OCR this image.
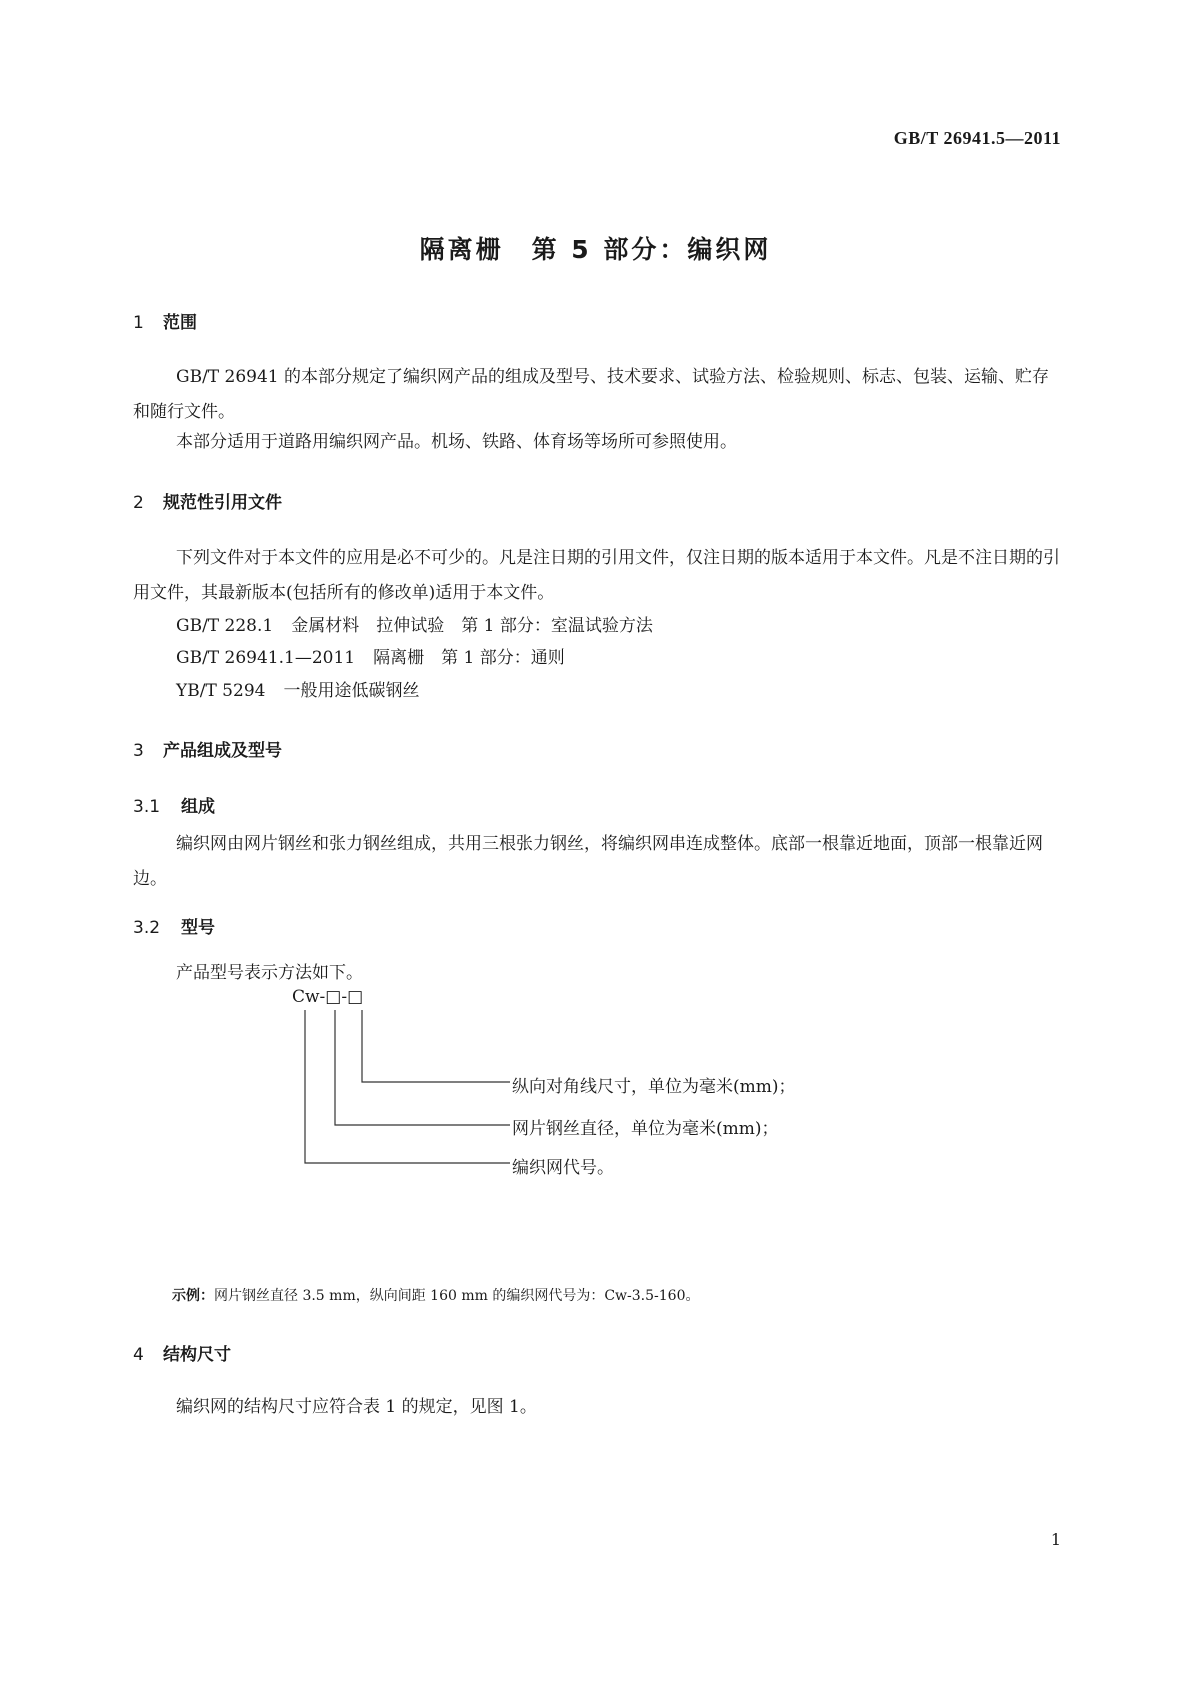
GB/T 26941.5—2011
隔离栅　第 5 部分：编织网
1 范围
GB/T 26941 的本部分规定了编织网产品的组成及型号、技术要求、试验方法、检验规则、标志、包装、运输、贮存和随行文件。
本部分适用于道路用编织网产品。机场、铁路、体育场等场所可参照使用。
2 规范性引用文件
下列文件对于本文件的应用是必不可少的。凡是注日期的引用文件，仅注日期的版本适用于本文件。凡是不注日期的引用文件，其最新版本(包括所有的修改单)适用于本文件。
GB/T 228.1 金属材料　拉伸试验　第 1 部分：室温试验方法
GB/T 26941.1—2011 隔离栅　第 1 部分：通则
YB/T 5294 一般用途低碳钢丝
3 产品组成及型号
3.1 组成
编织网由网片钢丝和张力钢丝组成，共用三根张力钢丝，将编织网串连成整体。底部一根靠近地面，顶部一根靠近网边。
3.2 型号
产品型号表示方法如下。
Cw-□-□
纵向对角线尺寸，单位为毫米(mm)；
网片钢丝直径，单位为毫米(mm)；
编织网代号。
示例：网片钢丝直径 3.5 mm，纵向间距 160 mm 的编织网代号为：Cw-3.5-160。
4 结构尺寸
编织网的结构尺寸应符合表 1 的规定，见图 1。
1
